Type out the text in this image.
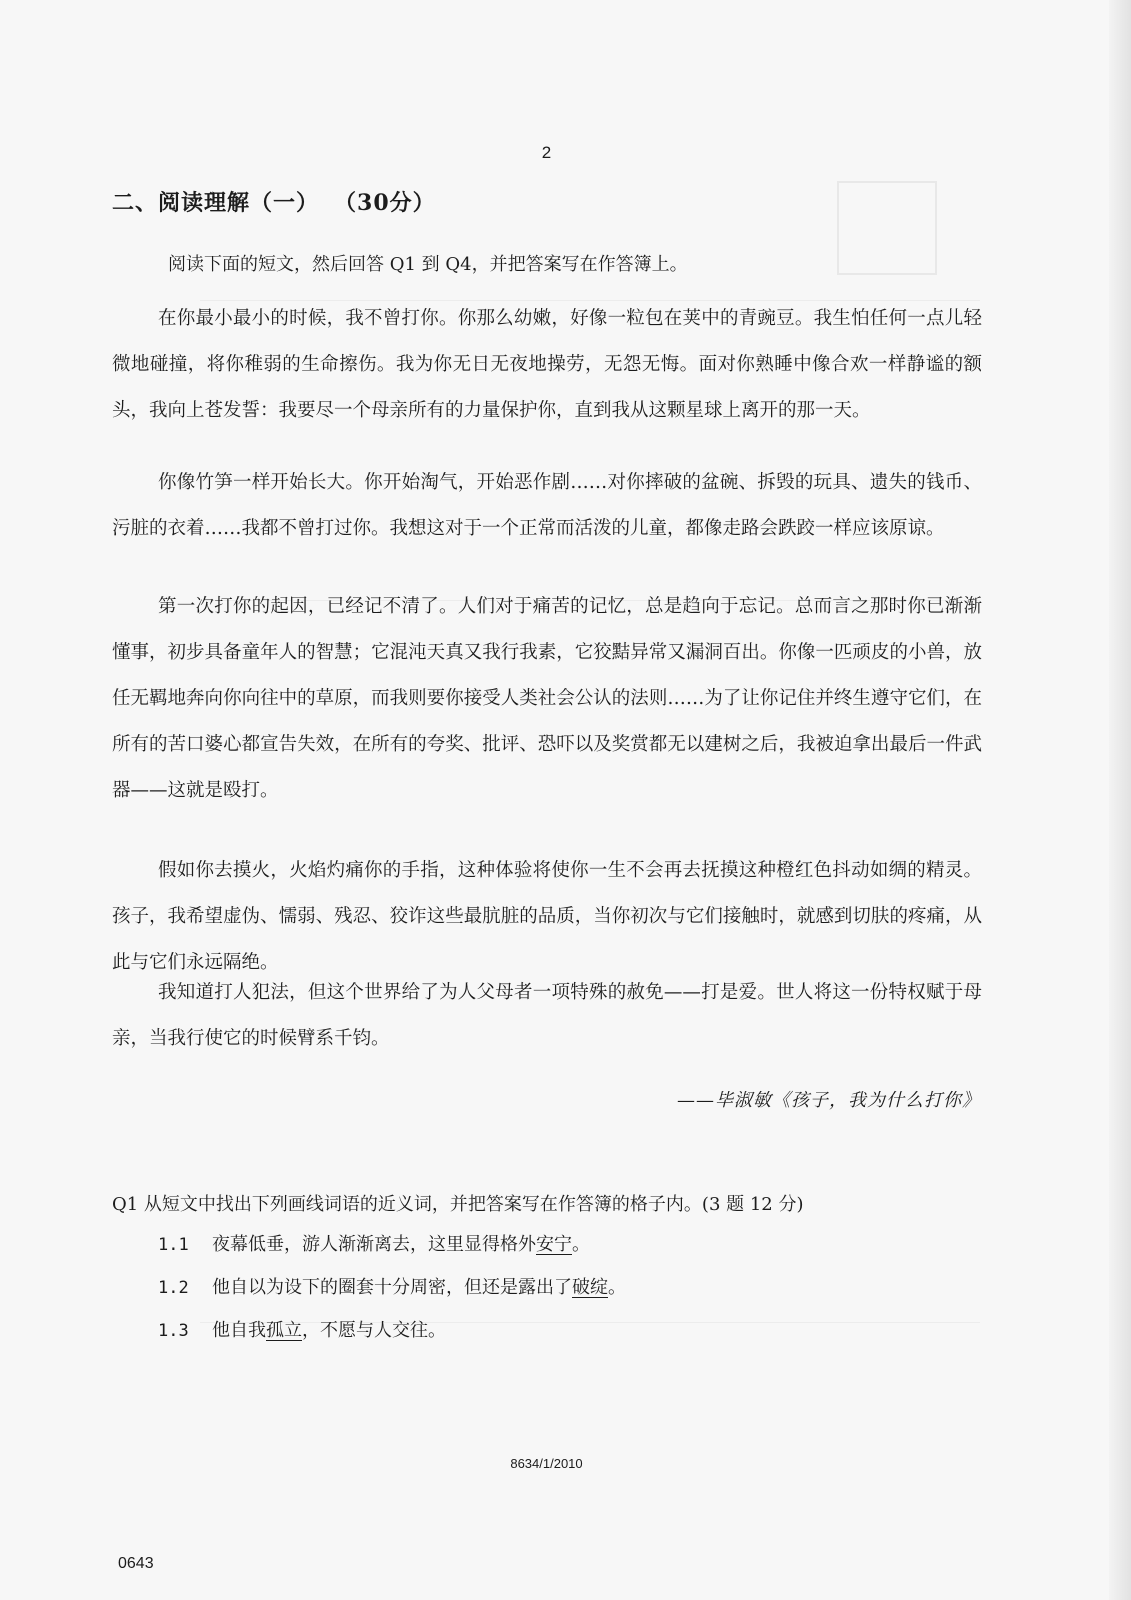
2
二、阅读理解（一） （30分）
阅读下面的短文，然后回答 Q1 到 Q4，并把答案写在作答簿上。
在你最小最小的时候，我不曾打你。你那么幼嫩，好像一粒包在荚中的青豌豆。我生怕任何一点儿轻微地碰撞，将你稚弱的生命擦伤。我为你无日无夜地操劳，无怨无悔。面对你熟睡中像合欢一样静谧的额头，我向上苍发誓：我要尽一个母亲所有的力量保护你，直到我从这颗星球上离开的那一天。
你像竹笋一样开始长大。你开始淘气，开始恶作剧……对你摔破的盆碗、拆毁的玩具、遗失的钱币、污脏的衣着……我都不曾打过你。我想这对于一个正常而活泼的儿童，都像走路会跌跤一样应该原谅。
第一次打你的起因，已经记不清了。人们对于痛苦的记忆，总是趋向于忘记。总而言之那时你已渐渐懂事，初步具备童年人的智慧；它混沌天真又我行我素，它狡黠异常又漏洞百出。你像一匹顽皮的小兽，放任无羁地奔向你向往中的草原，而我则要你接受人类社会公认的法则……为了让你记住并终生遵守它们，在所有的苦口婆心都宣告失效，在所有的夸奖、批评、恐吓以及奖赏都无以建树之后，我被迫拿出最后一件武器——这就是殴打。
假如你去摸火，火焰灼痛你的手指，这种体验将使你一生不会再去抚摸这种橙红色抖动如绸的精灵。孩子，我希望虚伪、懦弱、残忍、狡诈这些最肮脏的品质，当你初次与它们接触时，就感到切肤的疼痛，从此与它们永远隔绝。
我知道打人犯法，但这个世界给了为人父母者一项特殊的赦免——打是爱。世人将这一份特权赋于母亲，当我行使它的时候臂系千钧。
——毕淑敏《孩子，我为什么打你》
Q1 从短文中找出下列画线词语的近义词，并把答案写在作答簿的格子内。(3 题 12 分)
1.1 夜幕低垂，游人渐渐离去，这里显得格外安宁。
1.2 他自以为设下的圈套十分周密，但还是露出了破绽。
1.3 他自我孤立，不愿与人交往。
8634/1/2010
0643
